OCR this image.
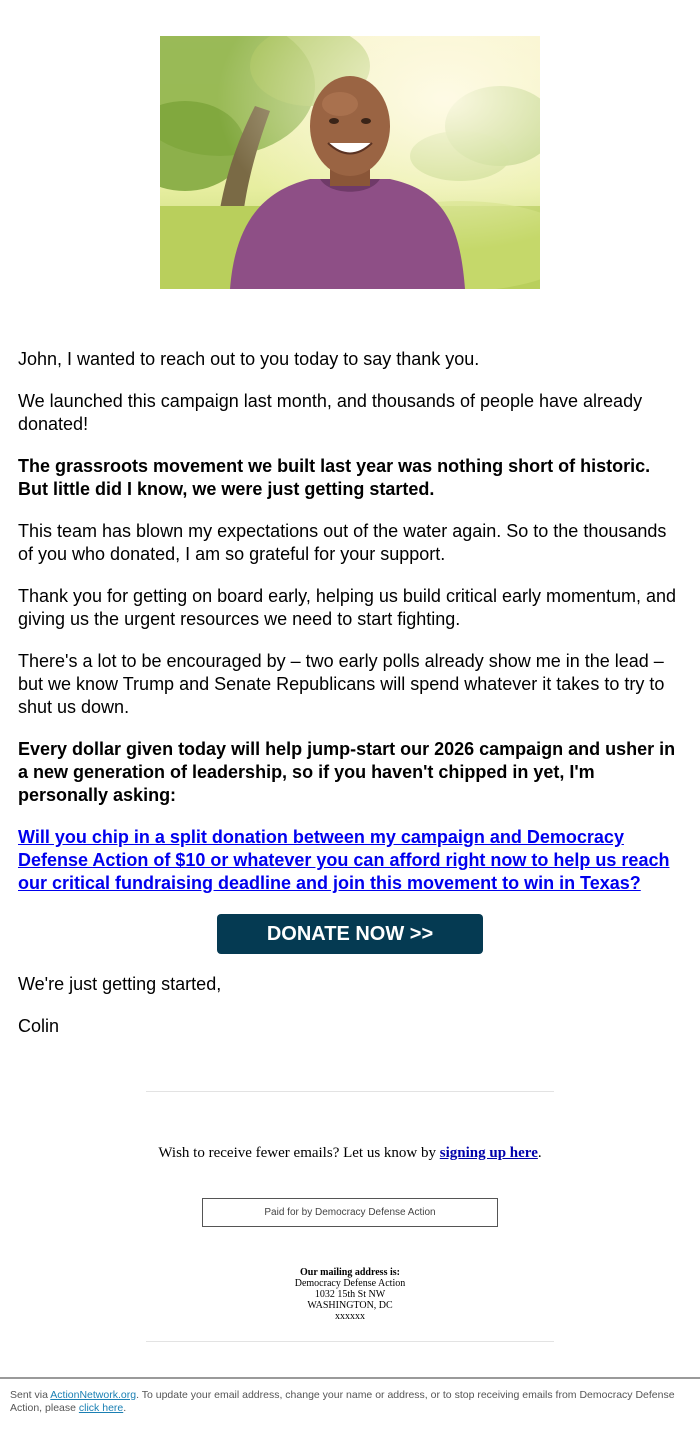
John, I wanted to reach out to you today to say thank you.

We launched this campaign last month, and thousands of people have already donated!

The grassroots movement we built last year was nothing short of historic. But little did I know, we were just getting started.

This team has blown my expectations out of the water again. So to the thousands of you who donated, I am so grateful for your support.

Thank you for getting on board early, helping us build critical early momentum, and giving us the urgent resources we need to start fighting.

There's a lot to be encouraged by – two early polls already show me in the lead – but we know Trump and Senate Republicans will spend whatever it takes to try to shut us down.

Every dollar given today will help jump-start our 2026 campaign and usher in a new generation of leadership, so if you haven't chipped in yet, I'm personally asking:

Will you chip in a split donation between my campaign and Democracy Defense Action of $10 or whatever you can afford right now to help us reach our critical fundraising deadline and join this movement to win in Texas?

DONATE NOW >>

We're just getting started,

Colin

Wish to receive fewer emails? Let us know by signing up here.
Paid for by Democracy Defense Action
Our mailing address is:
Democracy Defense Action
1032 15th St NW
WASHINGTON, DC
xxxxxx
Sent via ActionNetwork.org. To update your email address, change your name or address, or to stop receiving emails from Democracy Defense Action, please click here.
